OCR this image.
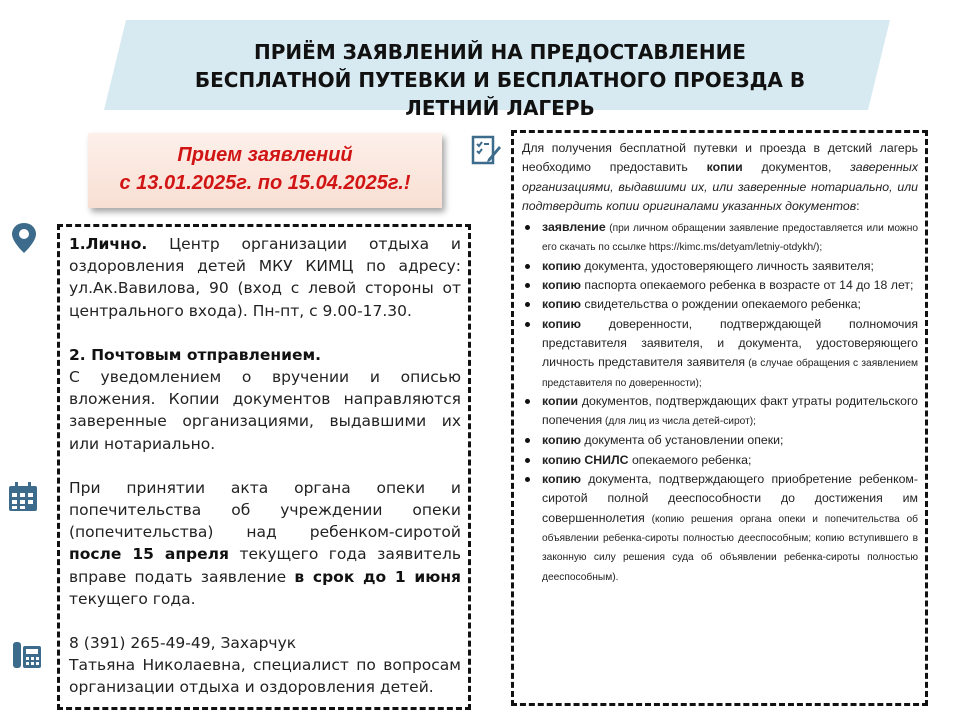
ПРИЁМ ЗАЯВЛЕНИЙ НА ПРЕДОСТАВЛЕНИЕ
БЕСПЛАТНОЙ ПУТЕВКИ И БЕСПЛАТНОГО ПРОЕЗДА В ЛЕТНИЙ ЛАГЕРЬ
Прием заявлений
с 13.01.2025г. по 15.04.2025г.!

1.Лично. Центр организации отдыха и оздоровления детей МКУ КИМЦ по адресу: ул.Ак.Вавилова, 90 (вход с левой стороны от центрального входа). Пн-пт, с 9.00-17.30.

2. Почтовым отправлением.

С уведомлением о вручении и описью вложения. Копии документов направляются заверенные организациями, выдавшими их или нотариально.

При принятии акта органа опеки и попечительства об учреждении опеки (попечительства) над ребенком-сиротой после 15 апреля текущего года заявитель вправе подать заявление в срок до 1 июня текущего года.

8 (391) 265-49-49, Захарчук

Татьяна Николаевна, специалист по вопросам организации отдыха и оздоровления детей.

Для получения бесплатной путевки и проезда в детский лагерь необходимо предоставить копии документов, заверенных организациями, выдавшими их, или заверенные нотариально, или подтвердить копии оригиналами указанных документов:

заявление (при личном обращении заявление предоставляется или можно его скачать по ссылке https://kimc.ms/detyam/letniy-otdykh/);
копию документа, удостоверяющего личность заявителя;
копию паспорта опекаемого ребенка в возрасте от 14 до 18 лет;
копию свидетельства о рождении опекаемого ребенка;
копию доверенности, подтверждающей полномочия представителя заявителя, и документа, удостоверяющего личность представителя заявителя (в случае обращения с заявлением представителя по доверенности);
копии документов, подтверждающих факт утраты родительского попечения (для лиц из числа детей-сирот);
копию документа об установлении опеки;
копию СНИЛС опекаемого ребенка;
копию документа, подтверждающего приобретение ребенком-сиротой полной дееспособности до достижения им совершеннолетия (копию решения органа опеки и попечительства об объявлении ребенка-сироты полностью дееспособным; копию вступившего в законную силу решения суда об объявлении ребенка-сироты полностью дееспособным).
